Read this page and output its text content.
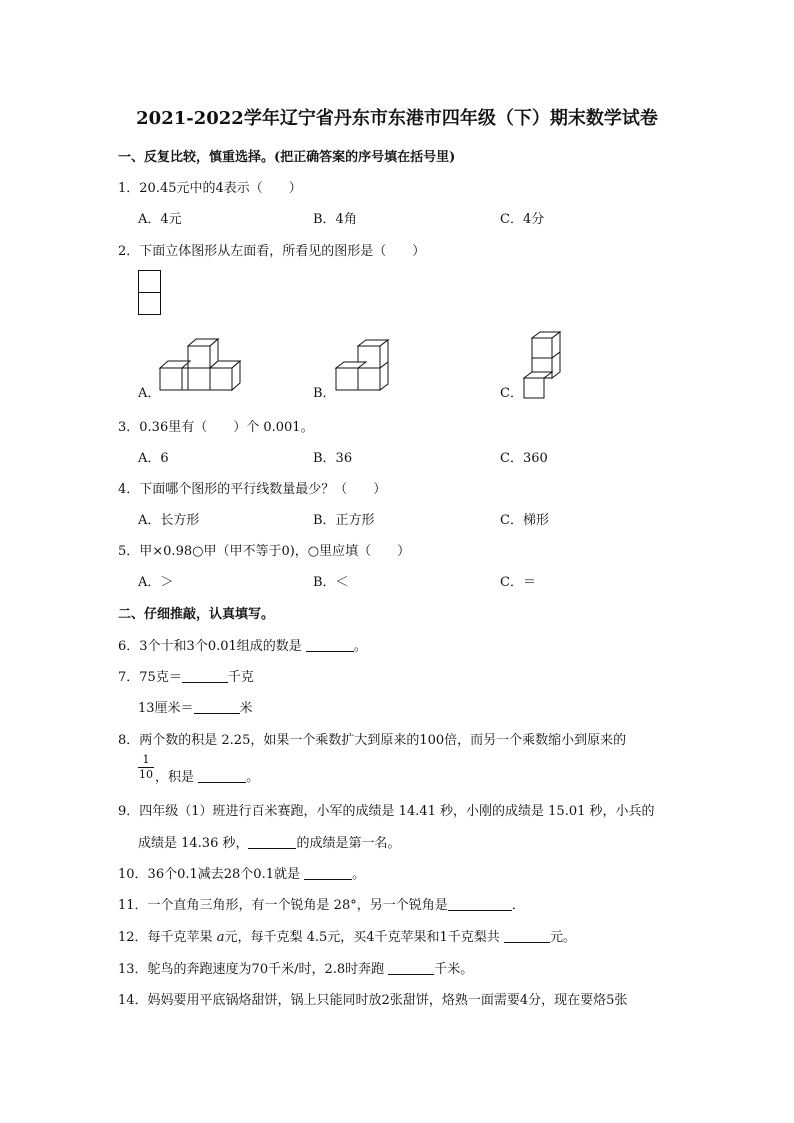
2021-2022学年辽宁省丹东市东港市四年级（下）期末数学试卷
一、反复比较，慎重选择。(把正确答案的序号填在括号里)
1．20.45元中的4表示（　　）
A．4元	B．4角	C．4分
2．下面立体图形从左面看，所看见的图形是（　　）
A．	B．	C．
3．0.36里有（　　）个 0.001。
A．6	B．36	C．360
4．下面哪个图形的平行线数量最少？（　　）
A．长方形	B．正方形	C．梯形
5．甲×0.98○甲（甲不等于0)，○里应填（　　）
A．＞	B．＜	C．＝
二、仔细推敲，认真填写。
6．3个十和3个0.01组成的数是	。
7．75克＝	千克
13厘米＝	米
8．两个数的积是 2.25，如果一个乘数扩大到原来的100倍，而另一个乘数缩小到原来的
$\frac{1}{10}$ ，积是	。
9．四年级（1）班进行百米赛跑，小军的成绩是 14.41 秒，小刚的成绩是 15.01 秒，小兵的
成绩是 14.36 秒，	的成绩是第一名。
10．36个0.1减去28个0.1就是	。
11．一个直角三角形，有一个锐角是 28°，另一个锐角是	．
12．每千克苹果 a元，每千克梨 4.5元，买4千克苹果和1千克梨共	元。
13．鸵鸟的奔跑速度为70千米/时，2.8时奔跑	千米。
14．妈妈要用平底锅烙甜饼，锅上只能同时放2张甜饼，烙熟一面需要4分，现在要烙5张
